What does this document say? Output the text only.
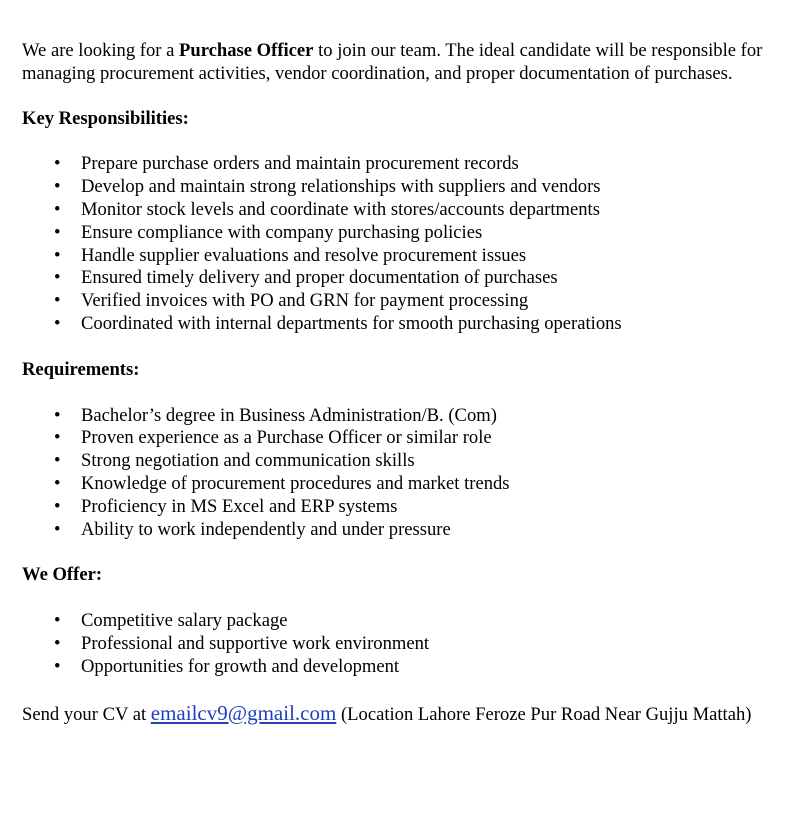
We are looking for a Purchase Officer to join our team. The ideal candidate will be responsible for managing procurement activities, vendor coordination, and proper documentation of purchases.

Key Responsibilities:

• Prepare purchase orders and maintain procurement records
• Develop and maintain strong relationships with suppliers and vendors
• Monitor stock levels and coordinate with stores/accounts departments
• Ensure compliance with company purchasing policies
• Handle supplier evaluations and resolve procurement issues
• Ensured timely delivery and proper documentation of purchases
• Verified invoices with PO and GRN for payment processing
• Coordinated with internal departments for smooth purchasing operations

Requirements:

• Bachelor’s degree in Business Administration/B. (Com)
• Proven experience as a Purchase Officer or similar role
• Strong negotiation and communication skills
• Knowledge of procurement procedures and market trends
• Proficiency in MS Excel and ERP systems
• Ability to work independently and under pressure

We Offer:

• Competitive salary package
• Professional and supportive work environment
• Opportunities for growth and development

Send your CV at emailcv9@gmail.com (Location Lahore Feroze Pur Road Near Gujju Mattah)
